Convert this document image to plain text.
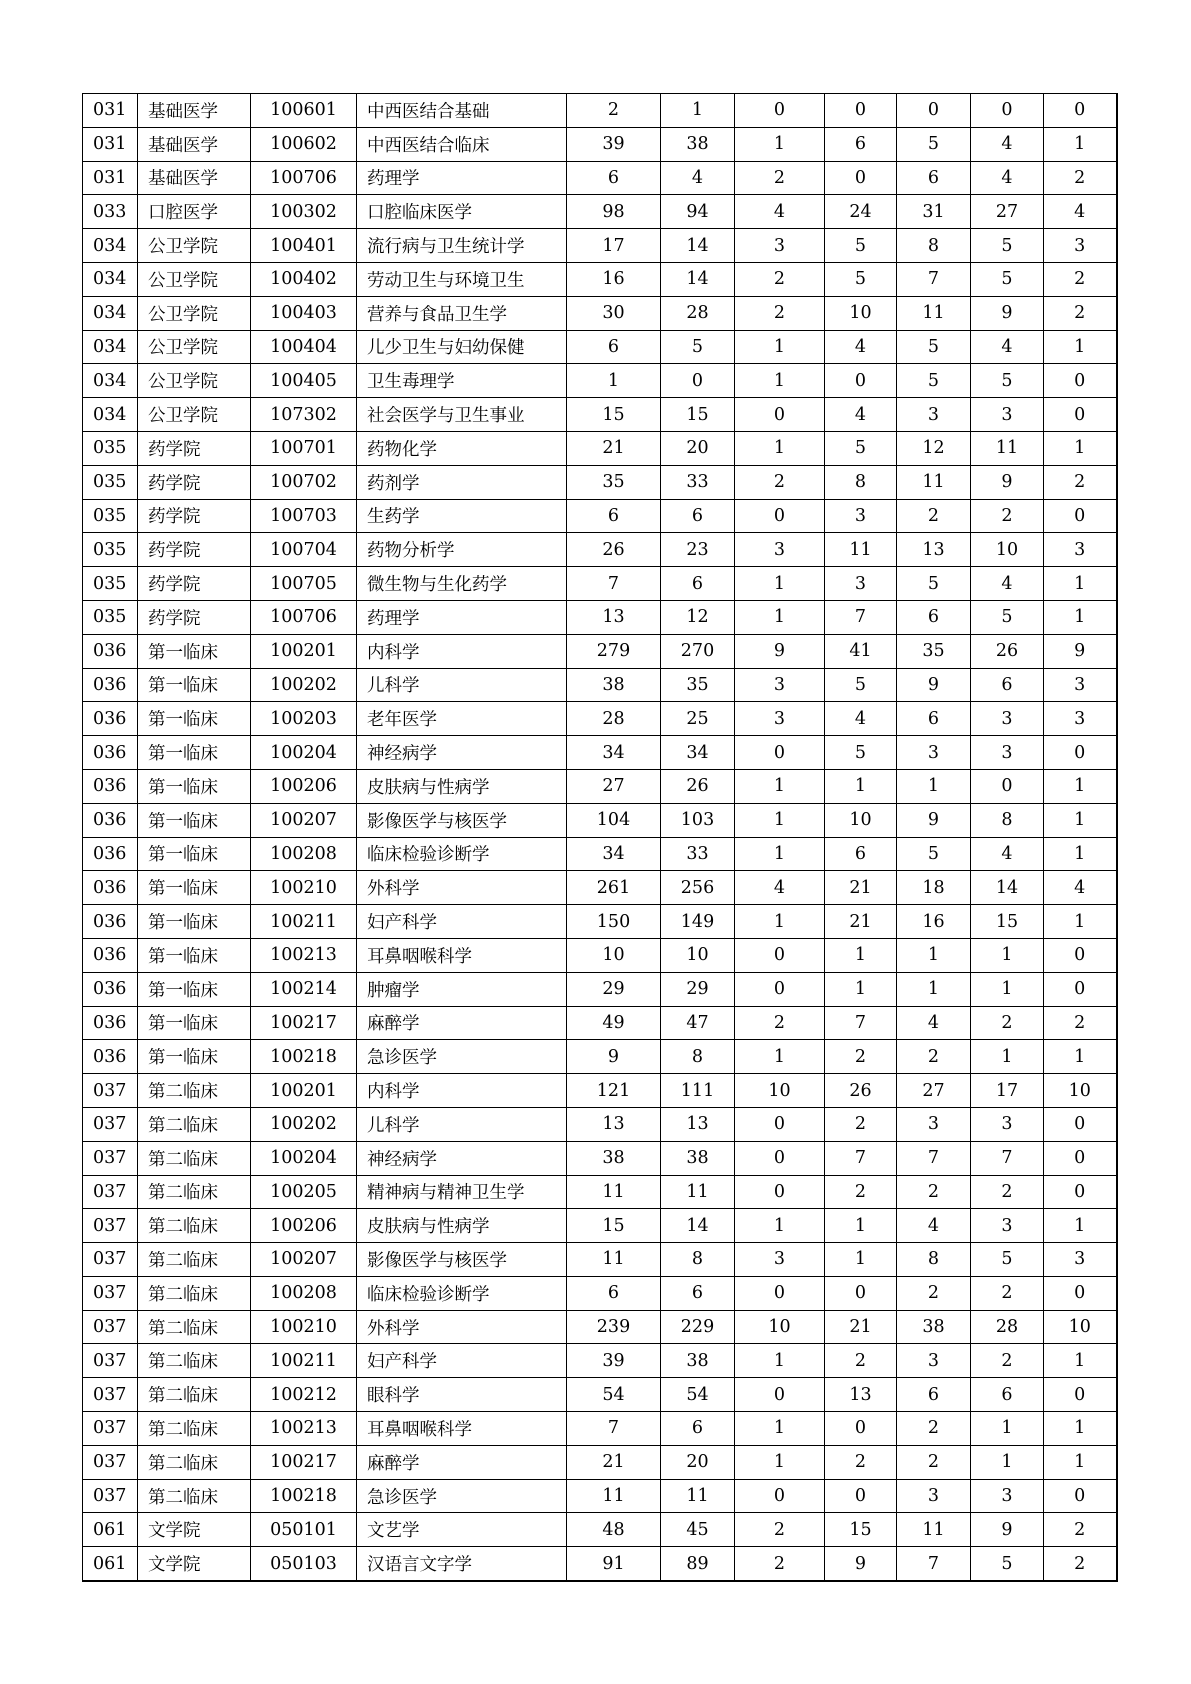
031	基础医学	100601	中西医结合基础	2	1	0	0	0	0	0
031	基础医学	100602	中西医结合临床	39	38	1	6	5	4	1
031	基础医学	100706	药理学	6	4	2	0	6	4	2
033	口腔医学	100302	口腔临床医学	98	94	4	24	31	27	4
034	公卫学院	100401	流行病与卫生统计学	17	14	3	5	8	5	3
034	公卫学院	100402	劳动卫生与环境卫生	16	14	2	5	7	5	2
034	公卫学院	100403	营养与食品卫生学	30	28	2	10	11	9	2
034	公卫学院	100404	儿少卫生与妇幼保健	6	5	1	4	5	4	1
034	公卫学院	100405	卫生毒理学	1	0	1	0	5	5	0
034	公卫学院	107302	社会医学与卫生事业	15	15	0	4	3	3	0
035	药学院	100701	药物化学	21	20	1	5	12	11	1
035	药学院	100702	药剂学	35	33	2	8	11	9	2
035	药学院	100703	生药学	6	6	0	3	2	2	0
035	药学院	100704	药物分析学	26	23	3	11	13	10	3
035	药学院	100705	微生物与生化药学	7	6	1	3	5	4	1
035	药学院	100706	药理学	13	12	1	7	6	5	1
036	第一临床	100201	内科学	279	270	9	41	35	26	9
036	第一临床	100202	儿科学	38	35	3	5	9	6	3
036	第一临床	100203	老年医学	28	25	3	4	6	3	3
036	第一临床	100204	神经病学	34	34	0	5	3	3	0
036	第一临床	100206	皮肤病与性病学	27	26	1	1	1	0	1
036	第一临床	100207	影像医学与核医学	104	103	1	10	9	8	1
036	第一临床	100208	临床检验诊断学	34	33	1	6	5	4	1
036	第一临床	100210	外科学	261	256	4	21	18	14	4
036	第一临床	100211	妇产科学	150	149	1	21	16	15	1
036	第一临床	100213	耳鼻咽喉科学	10	10	0	1	1	1	0
036	第一临床	100214	肿瘤学	29	29	0	1	1	1	0
036	第一临床	100217	麻醉学	49	47	2	7	4	2	2
036	第一临床	100218	急诊医学	9	8	1	2	2	1	1
037	第二临床	100201	内科学	121	111	10	26	27	17	10
037	第二临床	100202	儿科学	13	13	0	2	3	3	0
037	第二临床	100204	神经病学	38	38	0	7	7	7	0
037	第二临床	100205	精神病与精神卫生学	11	11	0	2	2	2	0
037	第二临床	100206	皮肤病与性病学	15	14	1	1	4	3	1
037	第二临床	100207	影像医学与核医学	11	8	3	1	8	5	3
037	第二临床	100208	临床检验诊断学	6	6	0	0	2	2	0
037	第二临床	100210	外科学	239	229	10	21	38	28	10
037	第二临床	100211	妇产科学	39	38	1	2	3	2	1
037	第二临床	100212	眼科学	54	54	0	13	6	6	0
037	第二临床	100213	耳鼻咽喉科学	7	6	1	0	2	1	1
037	第二临床	100217	麻醉学	21	20	1	2	2	1	1
037	第二临床	100218	急诊医学	11	11	0	0	3	3	0
061	文学院	050101	文艺学	48	45	2	15	11	9	2
061	文学院	050103	汉语言文字学	91	89	2	9	7	5	2
